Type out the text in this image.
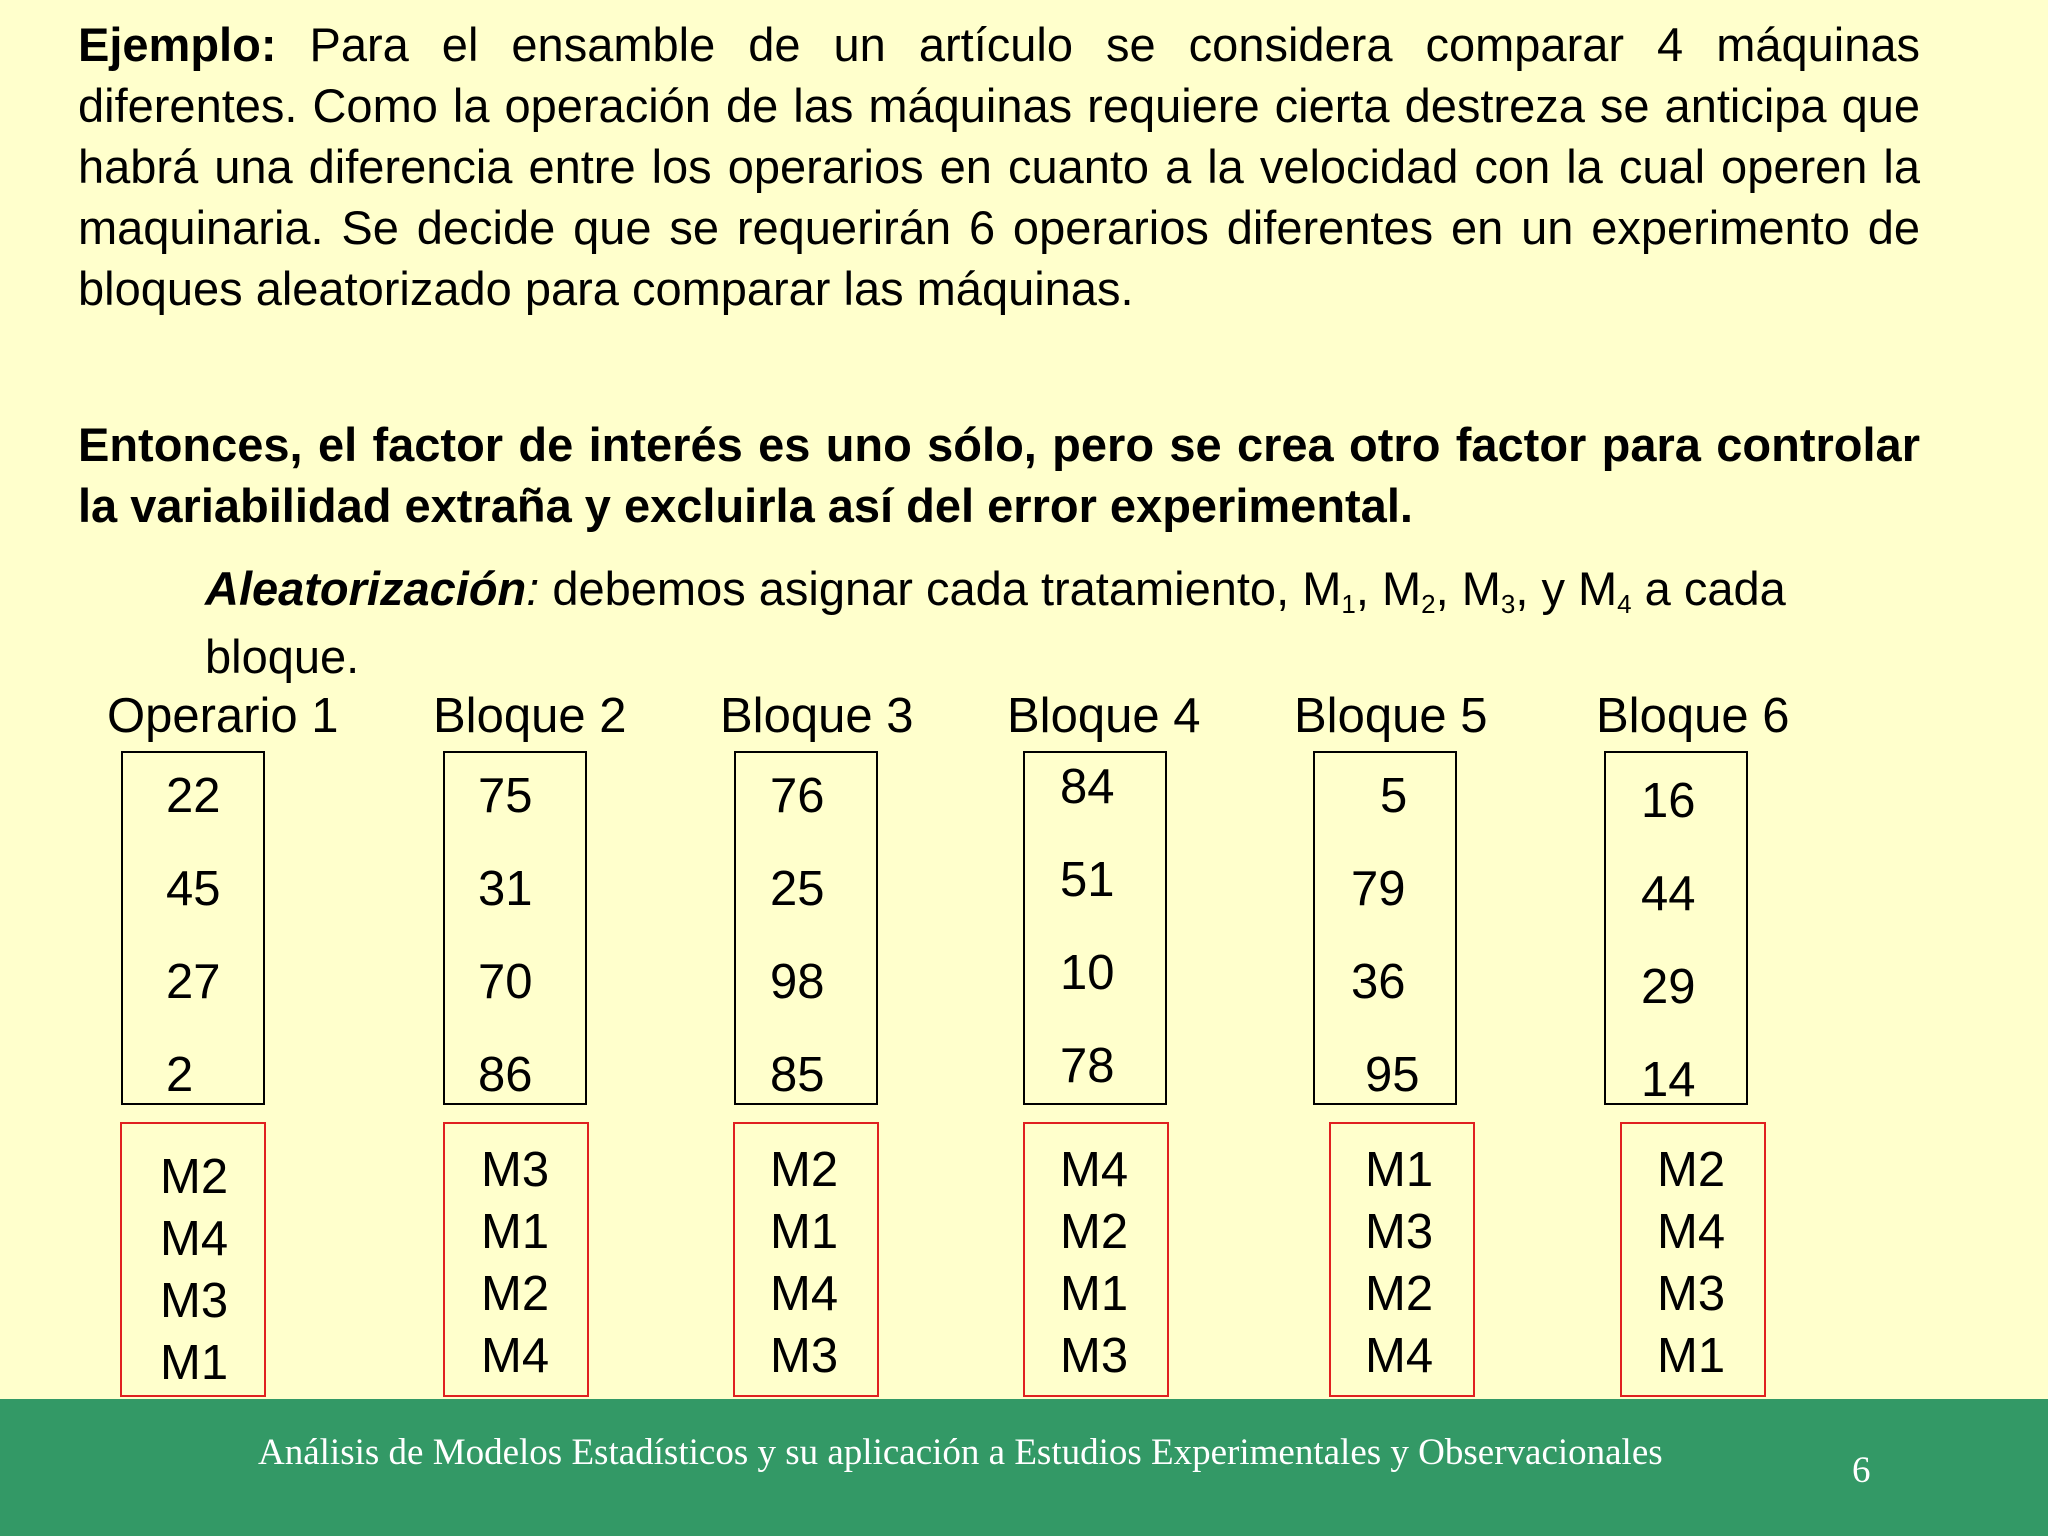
Ejemplo: Para el ensamble de un artículo se considera comparar 4 máquinas diferentes. Como la operación de las máquinas requiere cierta destreza se anticipa que habrá una diferencia entre los operarios en cuanto a la velocidad con la cual operen la maquinaria. Se decide que se requerirán 6 operarios diferentes en un experimento de bloques aleatorizado para comparar las máquinas.
Entonces, el factor de interés es uno sólo, pero se crea otro factor para controlar la variabilidad extraña y excluirla así del error experimental.
Aleatorización: debemos asignar cada tratamiento, $M_1$, $M_2$, $M_3$, y $M_4$ a cada bloque.
Operario 1 Bloque 2 Bloque 3 Bloque 4 Bloque 5 Bloque 6
22
45
27
2
75
31
70
86
76
25
98
85
84
51
10
78
5
79
36
95
16
44
29
14
M2
M4
M3
M1
M3
M1
M2
M4
M2
M1
M4
M3
M4
M2
M1
M3
M1
M3
M2
M4
M2
M4
M3
M1
Análisis de Modelos Estadísticos y su aplicación a Estudios Experimentales y Observacionales	6
